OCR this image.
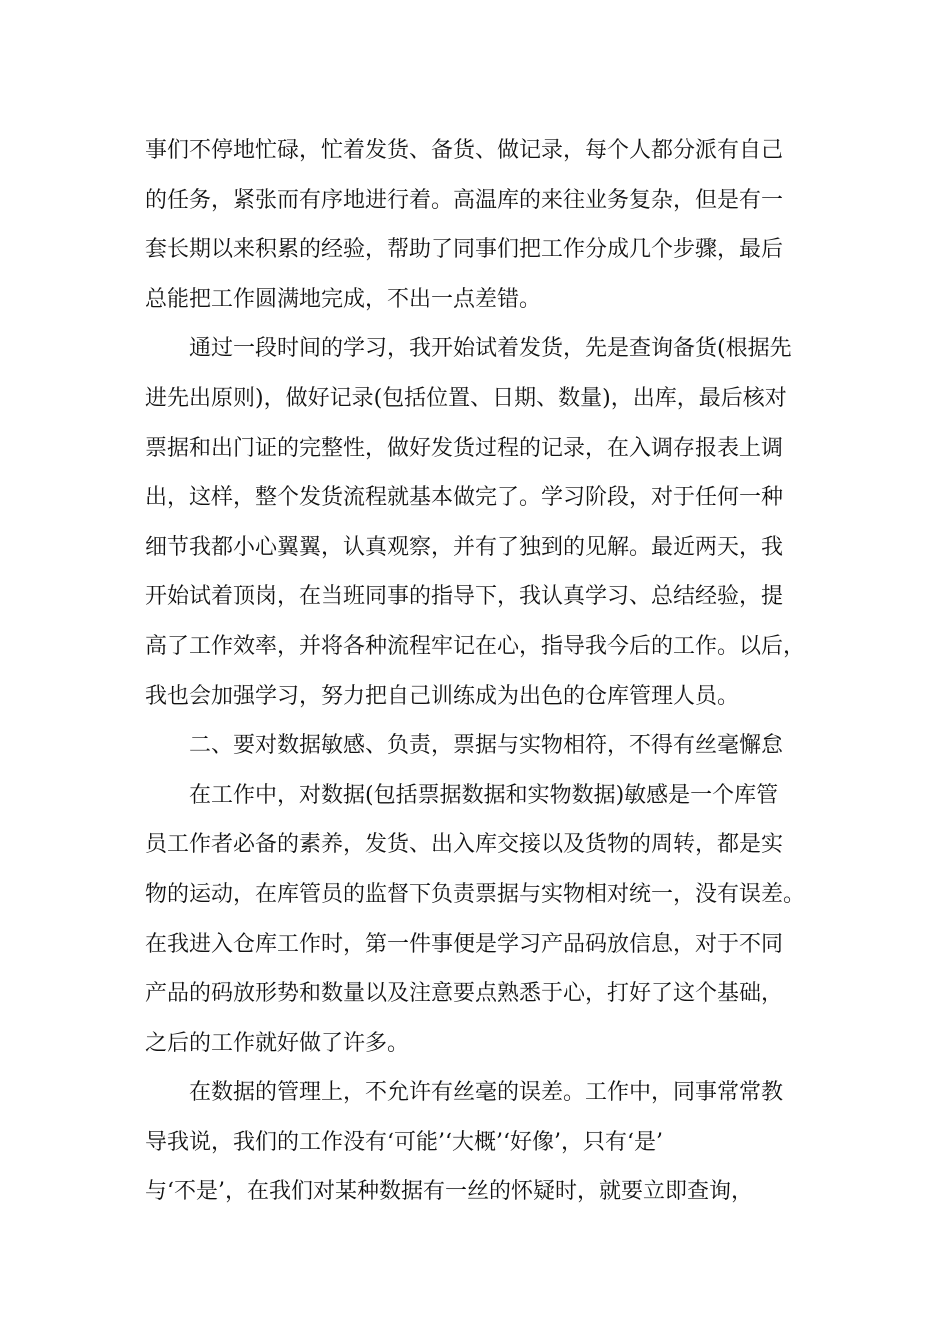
事们不停地忙碌，忙着发货、备货、做记录，每个人都分派有自己

的任务，紧张而有序地进行着。高温库的来往业务复杂，但是有一

套长期以来积累的经验，帮助了同事们把工作分成几个步骤，最后

总能把工作圆满地完成，不出一点差错。

　　通过一段时间的学习，我开始试着发货，先是查询备货(根据先

进先出原则)，做好记录(包括位置、日期、数量)，出库，最后核对

票据和出门证的完整性，做好发货过程的记录，在入调存报表上调

出，这样，整个发货流程就基本做完了。学习阶段，对于任何一种

细节我都小心翼翼，认真观察，并有了独到的见解。最近两天，我

开始试着顶岗，在当班同事的指导下，我认真学习、总结经验，提

高了工作效率，并将各种流程牢记在心，指导我今后的工作。以后，

我也会加强学习，努力把自己训练成为出色的仓库管理人员。

　　二、要对数据敏感、负责，票据与实物相符，不得有丝毫懈怠

　　在工作中，对数据(包括票据数据和实物数据)敏感是一个库管

员工作者必备的素养，发货、出入库交接以及货物的周转，都是实

物的运动，在库管员的监督下负责票据与实物相对统一，没有误差。

在我进入仓库工作时，第一件事便是学习产品码放信息，对于不同

产品的码放形势和数量以及注意要点熟悉于心，打好了这个基础，

之后的工作就好做了许多。

　　在数据的管理上，不允许有丝毫的误差。工作中，同事常常教

导我说，我们的工作没有‘可能’‘大概’‘好像’，只有‘是’

与‘不是’，在我们对某种数据有一丝的怀疑时，就要立即查询，
